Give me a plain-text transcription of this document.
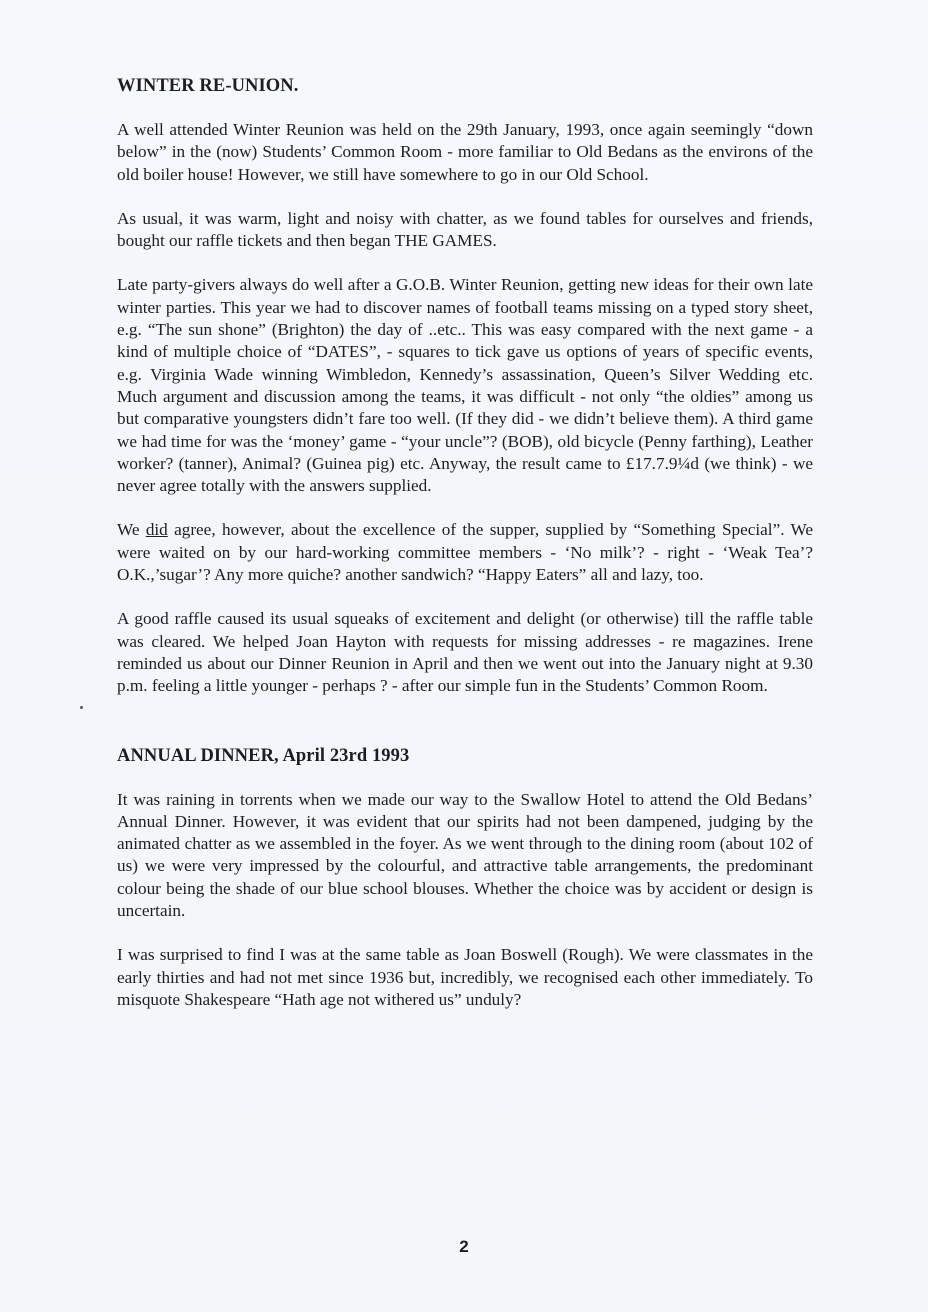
WINTER RE-UNION.

A well attended Winter Reunion was held on the 29th January, 1993, once again seemingly “down below” in the (now) Students’ Common Room - more familiar to Old Bedans as the environs of the old boiler house! However, we still have somewhere to go in our Old School.

As usual, it was warm, light and noisy with chatter, as we found tables for ourselves and friends, bought our raffle tickets and then began THE GAMES.

Late party-givers always do well after a G.O.B. Winter Reunion, getting new ideas for their own late winter parties. This year we had to discover names of football teams missing on a typed story sheet, e.g. “The sun shone” (Brighton) the day of ..etc.. This was easy compared with the next game - a kind of multiple choice of “DATES”, - squares to tick gave us options of years of specific events, e.g. Virginia Wade winning Wimbledon, Kennedy’s assassination, Queen’s Silver Wedding etc. Much argument and discussion among the teams, it was difficult - not only “the oldies” among us but comparative youngsters didn’t fare too well. (If they did - we didn’t believe them). A third game we had time for was the ‘money’ game - “your uncle”? (BOB), old bicycle (Penny farthing), Leather worker? (tanner), Animal? (Guinea pig) etc. Anyway, the result came to £17.7.9¼d (we think) - we never agree totally with the answers supplied.

We did agree, however, about the excellence of the supper, supplied by “Something Special”. We were waited on by our hard-working committee members - ‘No milk’? - right - ‘Weak Tea’? O.K.,’sugar’? Any more quiche? another sandwich? “Happy Eaters” all and lazy, too.

A good raffle caused its usual squeaks of excitement and delight (or otherwise) till the raffle table was cleared. We helped Joan Hayton with requests for missing addresses - re magazines. Irene reminded us about our Dinner Reunion in April and then we went out into the January night at 9.30 p.m. feeling a little younger - perhaps ? - after our simple fun in the Students’ Common Room.

ANNUAL DINNER, April 23rd 1993

It was raining in torrents when we made our way to the Swallow Hotel to attend the Old Bedans’ Annual Dinner. However, it was evident that our spirits had not been dampened, judging by the animated chatter as we assembled in the foyer. As we went through to the dining room (about 102 of us) we were very impressed by the colourful, and attractive table arrangements, the predominant colour being the shade of our blue school blouses. Whether the choice was by accident or design is uncertain.

I was surprised to find I was at the same table as Joan Boswell (Rough). We were classmates in the early thirties and had not met since 1936 but, incredibly, we recognised each other immediately. To misquote Shakespeare “Hath age not withered us” unduly?

2
